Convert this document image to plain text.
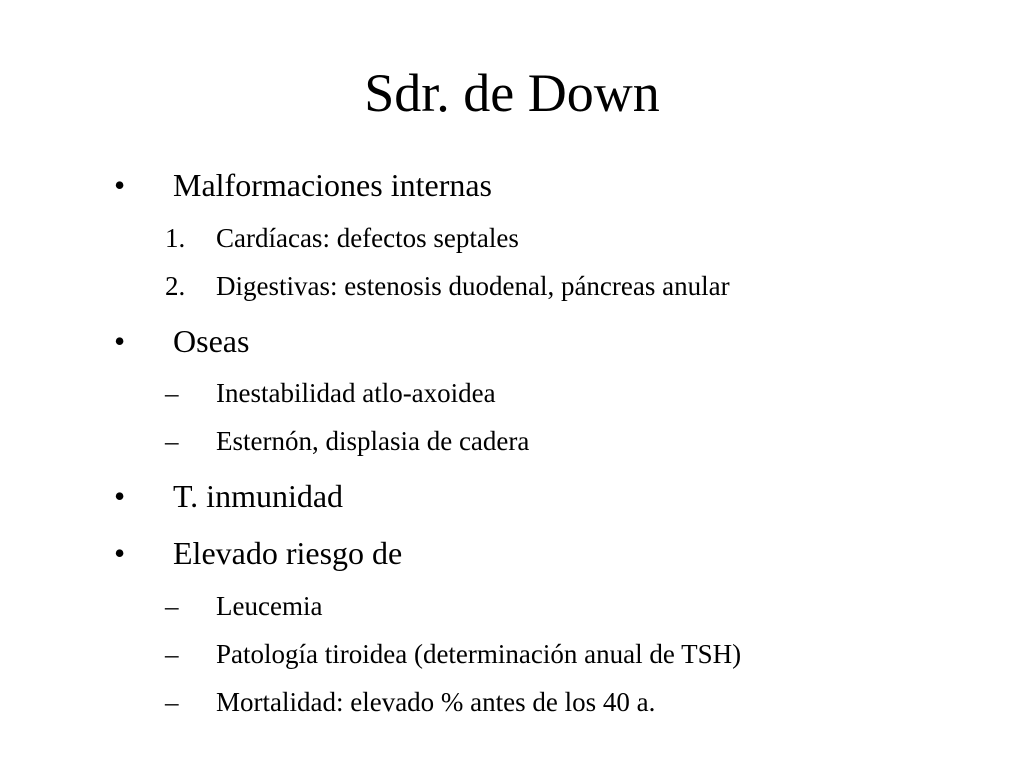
Sdr. de Down
• Malformaciones internas
1. Cardíacas: defectos septales
2. Digestivas: estenosis duodenal, páncreas anular
• Oseas
– Inestabilidad atlo-axoidea
– Esternón, displasia de cadera
• T. inmunidad
• Elevado riesgo de
– Leucemia
– Patología tiroidea (determinación anual de TSH)
– Mortalidad: elevado % antes de los 40 a.
